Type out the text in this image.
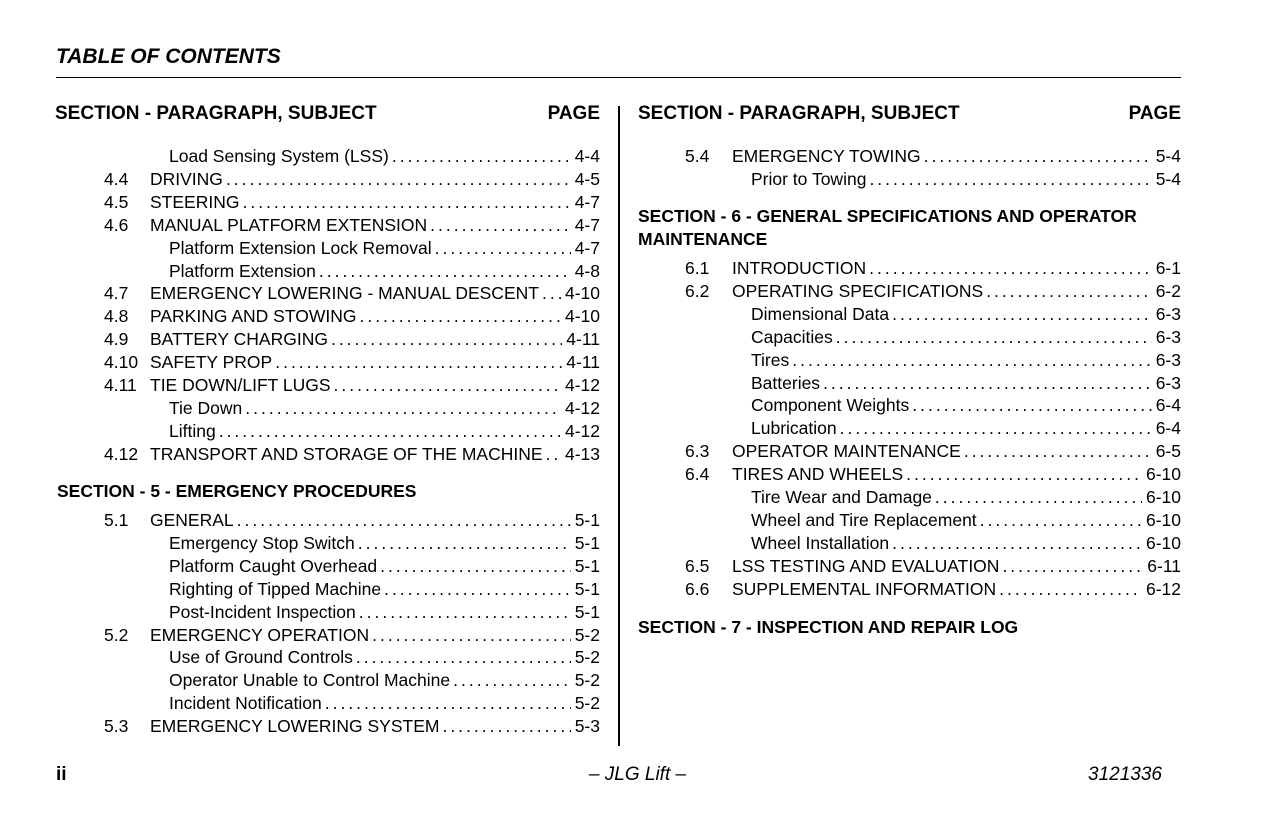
TABLE OF CONTENTS
SECTION - PARAGRAPH, SUBJECT	PAGE SECTION - PARAGRAPH, SUBJECT	PAGE
Load Sensing System (LSS) .....	4-4
4.4 DRIVING .....	4-5
4.5 STEERING .....	4-7
4.6 MANUAL PLATFORM EXTENSION .....	4-7
Platform Extension Lock Removal .....	4-7
Platform Extension .....	4-8
4.7 EMERGENCY LOWERING - MANUAL DESCENT ..... 4-10
4.8 PARKING AND STOWING .....	4-10
4.9 BATTERY CHARGING .....	4-11
4.10 SAFETY PROP .....	4-11
4.11 TIE DOWN/LIFT LUGS .....	4-12
Tie Down .....	4-12
Lifting .....	4-12
4.12 TRANSPORT AND STORAGE OF THE MACHINE ..... 4-13
SECTION - 5 - EMERGENCY PROCEDURES
5.1 GENERAL .....	5-1
Emergency Stop Switch .....	5-1
Platform Caught Overhead .....	5-1
Righting of Tipped Machine .....	5-1
Post-Incident Inspection .....	5-1
5.2 EMERGENCY OPERATION .....	5-2
Use of Ground Controls .....	5-2
Operator Unable to Control Machine .....	5-2
Incident Notification .....	5-2
5.3 EMERGENCY LOWERING SYSTEM .....	5-3
5.4 EMERGENCY TOWING .....	5-4
Prior to Towing .....	5-4
SECTION - 6 - GENERAL SPECIFICATIONS AND OPERATOR
MAINTENANCE
6.1 INTRODUCTION .....	6-1
6.2 OPERATING SPECIFICATIONS .....	6-2
Dimensional Data .....	6-3
Capacities .....	6-3
Tires .....	6-3
Batteries .....	6-3
Component Weights .....	6-4
Lubrication .....	6-4
6.3 OPERATOR MAINTENANCE .....	6-5
6.4 TIRES AND WHEELS .....	6-10
Tire Wear and Damage .....	6-10
Wheel and Tire Replacement .....	6-10
Wheel Installation .....	6-10
6.5 LSS TESTING AND EVALUATION .....	6-11
6.6 SUPPLEMENTAL INFORMATION .....	6-12
SECTION - 7 - INSPECTION AND REPAIR LOG
ii	– JLG Lift –	3121336
